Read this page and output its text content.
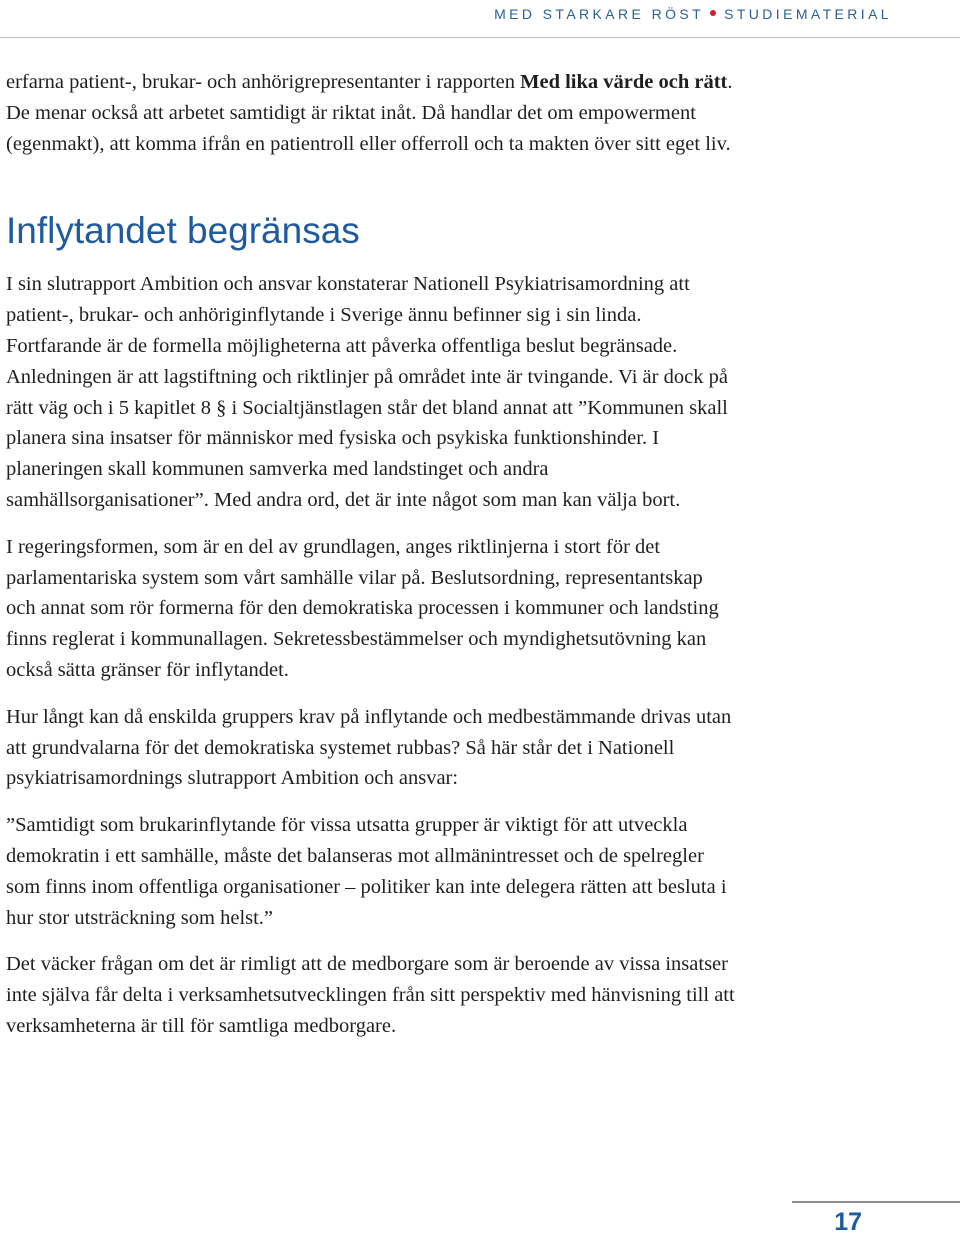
MED STARKARE RÖST STUDIEMATERIAL

erfarna patient-, brukar- och anhörigrepresentanter i rapporten Med lika värde och rätt. De menar också att arbetet samtidigt är riktat inåt. Då handlar det om empowerment (egenmakt), att komma ifrån en patientroll eller offerroll och ta makten över sitt eget liv.

Inflytandet begränsas

I sin slutrapport Ambition och ansvar konstaterar Nationell Psykiatrisamordning att patient-, brukar- och anhöriginflytande i Sverige ännu befinner sig i sin linda. Fortfarande är de formella möjligheterna att påverka offentliga beslut begränsade. Anledningen är att lagstiftning och riktlinjer på området inte är tvingande. Vi är dock på rätt väg och i 5 kapitlet 8 § i Socialtjänstlagen står det bland annat att ”Kommunen skall planera sina insatser för människor med fysiska och psykiska funktionshinder. I planeringen skall kommunen samverka med landstinget och andra samhällsorganisationer”. Med andra ord, det är inte något som man kan välja bort.

I regeringsformen, som är en del av grundlagen, anges riktlinjerna i stort för det parlamentariska system som vårt samhälle vilar på. Beslutsordning, representantskap och annat som rör formerna för den demokratiska processen i kommuner och landsting finns reglerat i kommunallagen. Sekretessbestämmelser och myndighetsutövning kan också sätta gränser för inflytandet.

Hur långt kan då enskilda gruppers krav på inflytande och medbestämmande drivas utan att grundvalarna för det demokratiska systemet rubbas? Så här står det i Nationell psykiatrisamordnings slutrapport Ambition och ansvar:

”Samtidigt som brukarinflytande för vissa utsatta grupper är viktigt för att utveckla demokratin i ett samhälle, måste det balanseras mot allmänintresset och de spelregler som finns inom offentliga organisationer – politiker kan inte delegera rätten att besluta i hur stor utsträckning som helst.”

Det väcker frågan om det är rimligt att de medborgare som är beroende av vissa insatser inte själva får delta i verksamhetsutvecklingen från sitt perspektiv med hänvisning till att verksamheterna är till för samtliga medborgare.

17
